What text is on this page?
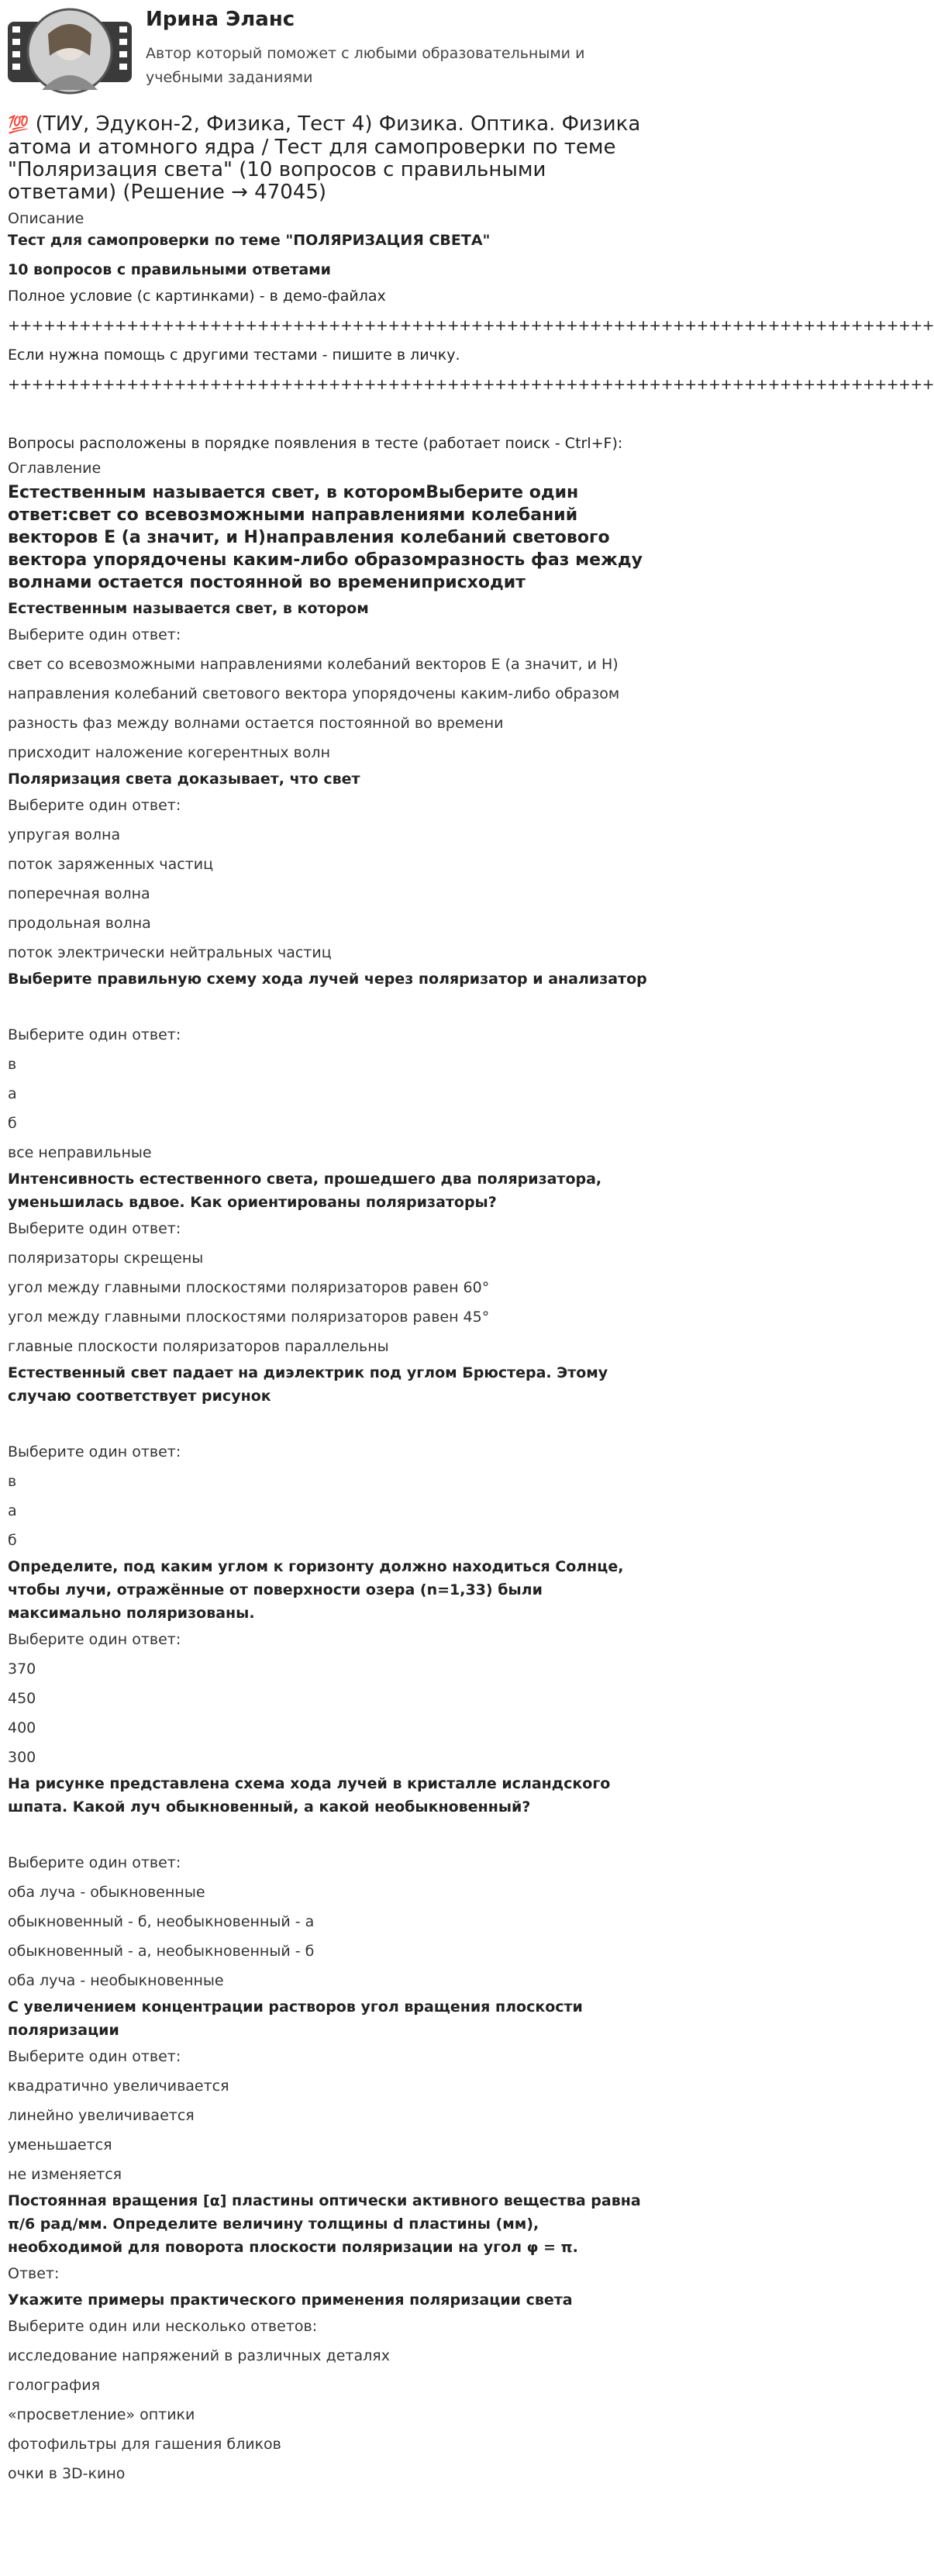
Ирина Эланс
Автор который поможет с любыми образовательными и учебными заданиями
💯 (ТИУ, Эдукон-2, Физика, Тест 4) Физика. Оптика. Физика атома и атомного ядра / Тест для самопроверки по теме "Поляризация света" (10 вопросов с правильными ответами) (Решение → 47045)
Описание
Тест для самопроверки по теме "ПОЛЯРИЗАЦИЯ СВЕТА"
10 вопросов с правильными ответами
Полное условие (с картинками) - в демо-файлах
++++++++++++++++++++++++++++++++++++++++++++++++++++++++++++++++++++++++++++++
Если нужна помощь с другими тестами - пишите в личку.
++++++++++++++++++++++++++++++++++++++++++++++++++++++++++++++++++++++++++++++
Вопросы расположены в порядке появления в тесте (работает поиск - Ctrl+F):
Оглавление
Естественным называется свет, в которомВыберите один ответ:свет со всевозможными направлениями колебаний векторов Е (а значит, и Н)направления колебаний светового вектора упорядочены каким-либо образомразность фаз между волнами остается постоянной во времениприсходит
Естественным называется свет, в котором
Выберите один ответ:
свет со всевозможными направлениями колебаний векторов Е (а значит, и Н)
направления колебаний светового вектора упорядочены каким-либо образом
разность фаз между волнами остается постоянной во времени
присходит наложение когерентных волн
Поляризация света доказывает, что свет
Выберите один ответ:
упругая волна
поток заряженных частиц
поперечная волна
продольная волна
поток электрически нейтральных частиц
Выберите правильную схему хода лучей через поляризатор и анализатор
Выберите один ответ:
в
а
б
все неправильные
Интенсивность естественного света, прошедшего два поляризатора, уменьшилась вдвое. Как ориентированы поляризаторы?
Выберите один ответ:
поляризаторы скрещены
угол между главными плоскостями поляризаторов равен 60°
угол между главными плоскостями поляризаторов равен 45°
главные плоскости поляризаторов параллельны
Естественный свет падает на диэлектрик под углом Брюстера. Этому случаю соответствует рисунок
Выберите один ответ:
в
а
б
Определите, под каким углом к горизонту должно находиться Солнце, чтобы лучи, отражённые от поверхности озера (n=1,33) были максимально поляризованы.
Выберите один ответ:
370
450
400
300
На рисунке представлена схема хода лучей в кристалле исландского шпата. Какой луч обыкновенный, а какой необыкновенный?
Выберите один ответ:
оба луча - обыкновенные
обыкновенный - б, необыкновенный - а
обыкновенный - а, необыкновенный - б
оба луча - необыкновенные
С увеличением концентрации растворов угол вращения плоскости поляризации
Выберите один ответ:
квадратично увеличивается
линейно увеличивается
уменьшается
не изменяется
Постоянная вращения [α] пластины оптически активного вещества равна π/6 рад/мм. Определите величину толщины d пластины (мм), необходимой для поворота плоскости поляризации на угол φ = π.
Ответ:
Укажите примеры практического применения поляризации света
Выберите один или несколько ответов:
исследование напряжений в различных деталях
голография
«просветление» оптики
фотофильтры для гашения бликов
очки в 3D-кино
